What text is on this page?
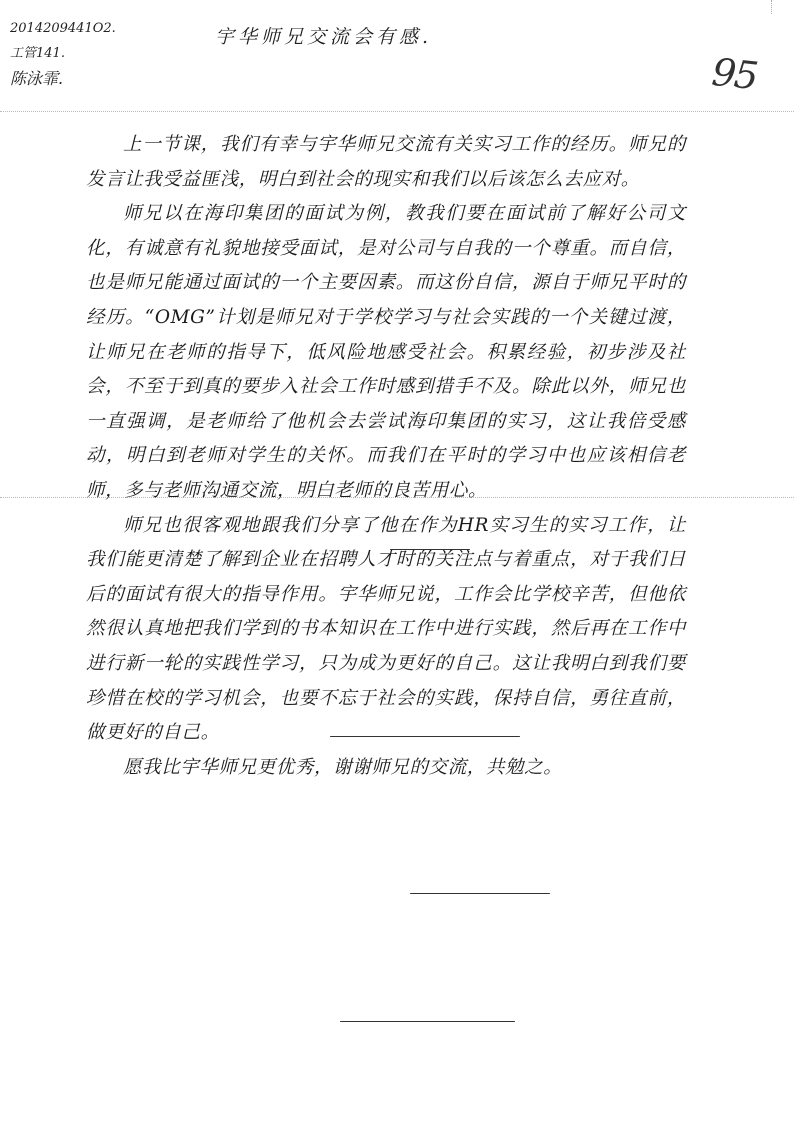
2014209441O2.
工管141.
陈泳霏.
宇华师兄交流会有感.
95

上一节课，我们有幸与宇华师兄交流有关实习工作的经历。师兄的发言让我受益匪浅，明白到社会的现实和我们以后该怎么去应对。

师兄以在海印集团的面试为例，教我们要在面试前了解好公司文化，有诚意有礼貌地接受面试，是对公司与自我的一个尊重。而自信，也是师兄能通过面试的一个主要因素。而这份自信，源自于师兄平时的经历。“OMG”计划是师兄对于学校学习与社会实践的一个关键过渡，让师兄在老师的指导下，低风险地感受社会。积累经验，初步涉及社会，不至于到真的要步入社会工作时感到措手不及。除此以外，师兄也一直强调，是老师给了他机会去尝试海印集团的实习，这让我倍受感动，明白到老师对学生的关怀。而我们在平时的学习中也应该相信老师，多与老师沟通交流，明白老师的良苦用心。

师兄也很客观地跟我们分享了他在作为HR实习生的实习工作，让我们能更清楚了解到企业在招聘人才时的关注点与着重点，对于我们日后的面试有很大的指导作用。宇华师兄说，工作会比学校辛苦，但他依然很认真地把我们学到的书本知识在工作中进行实践，然后再在工作中进行新一轮的实践性学习，只为成为更好的自己。这让我明白到我们要珍惜在校的学习机会，也要不忘于社会的实践，保持自信，勇往直前，做更好的自己。

愿我比宇华师兄更优秀，谢谢师兄的交流，共勉之。
